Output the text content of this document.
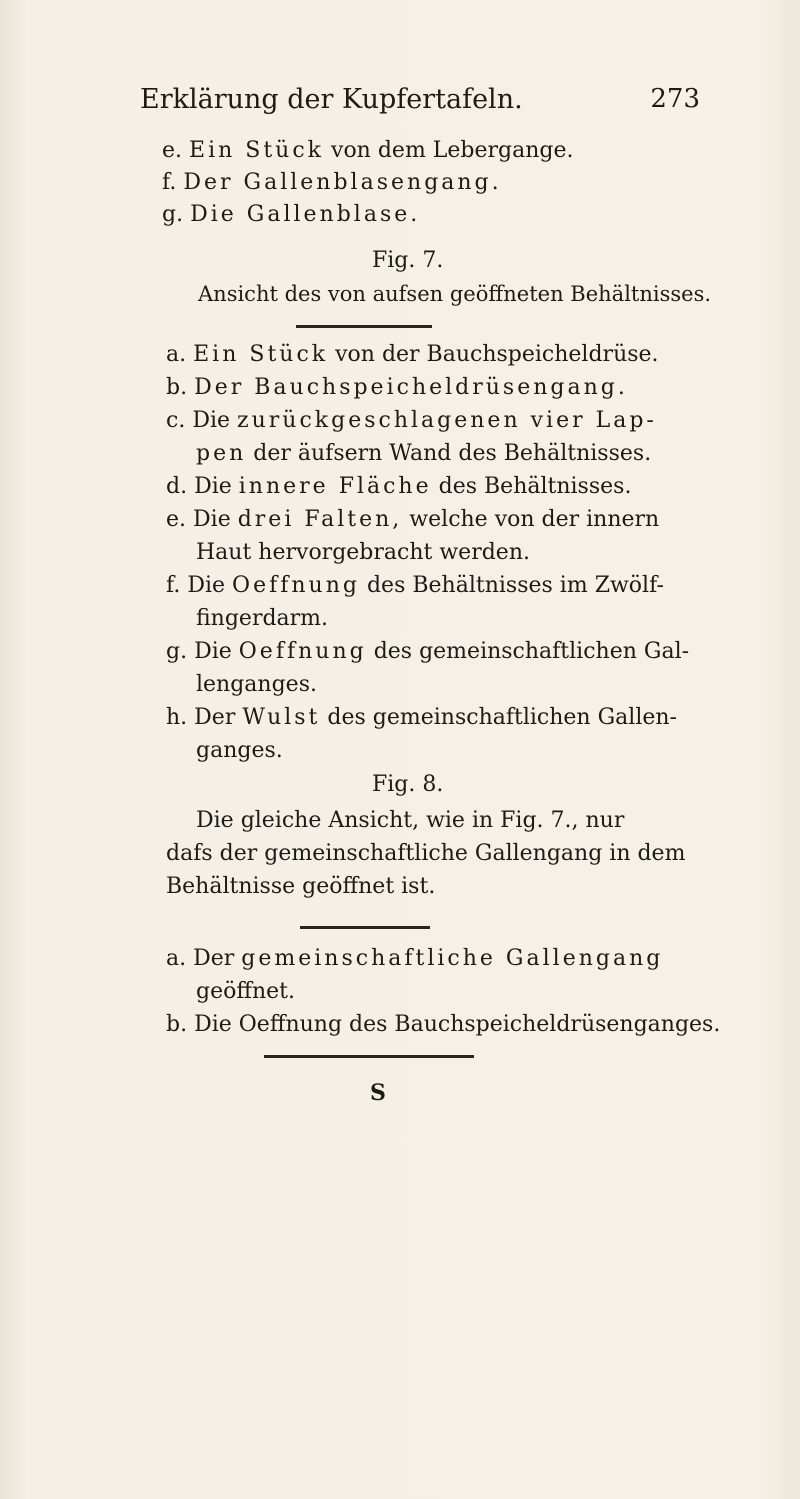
Erklärung der Kupfertafeln.	273
e. Ein Stück von dem Lebergange.
f. Der Gallenblasengang.
g. Die Gallenblase.
Fig. 7.
Ansicht des von aufsen geöffneten Behältnisses.
a. Ein Stück von der Bauchspeicheldrüse.
b. Der Bauchspeicheldrüsengang.
c. Die zurückgeschlagenen vier Lap-
pen der äufsern Wand des Behältnisses.
d. Die innere Fläche des Behältnisses.
e. Die drei Falten, welche von der innern
Haut hervorgebracht werden.
f. Die Oeffnung des Behältnisses im Zwölf-
fingerdarm.
g. Die Oeffnung des gemeinschaftlichen Gal-
lenganges.
h. Der Wulst des gemeinschaftlichen Gallen-
ganges.
Fig. 8.
Die gleiche Ansicht, wie in Fig. 7., nur
dafs der gemeinschaftliche Gallengang in dem
Behältnisse geöffnet ist.
a. Der gemeinschaftliche Gallengang
geöffnet.
b. Die Oeffnung des Bauchspeicheldrüsenganges.
S
